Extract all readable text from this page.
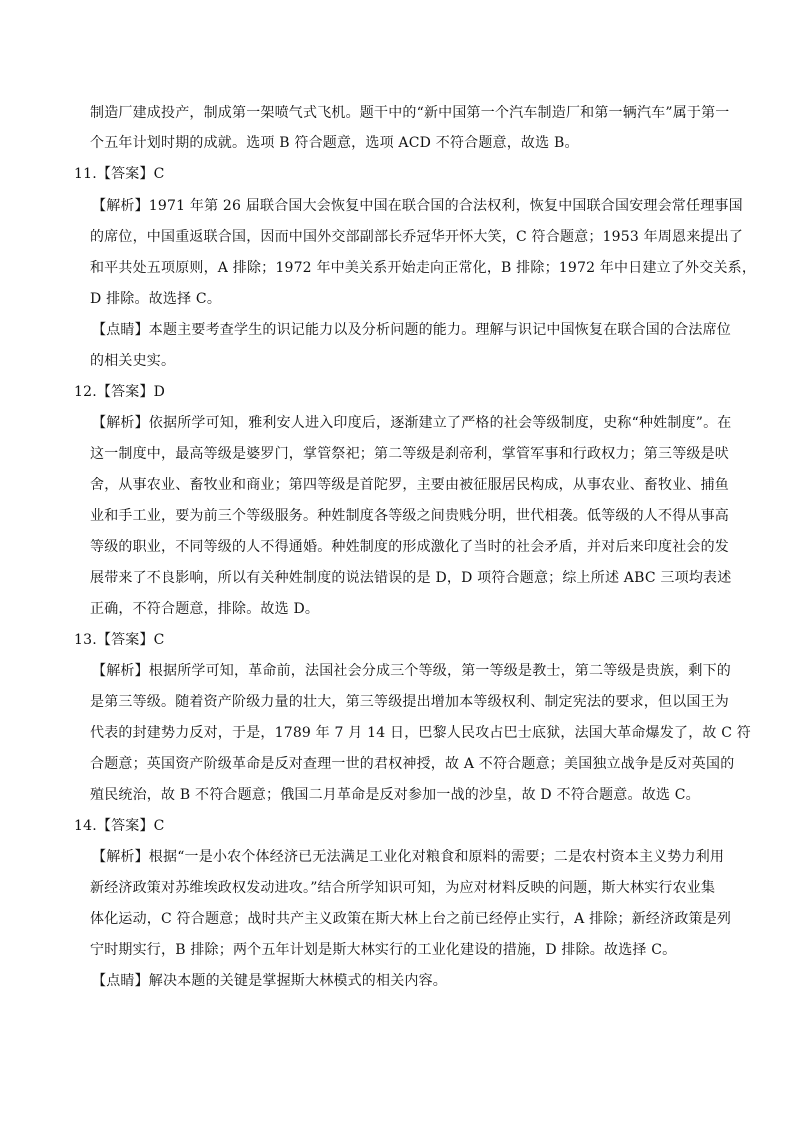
制造厂建成投产，制成第一架喷气式飞机。题干中的“新中国第一个汽车制造厂和第一辆汽车”属于第一
个五年计划时期的成就。选项 B 符合题意，选项 ACD 不符合题意，故选 B。
11.【答案】C
【解析】1971 年第 26 届联合国大会恢复中国在联合国的合法权利，恢复中国联合国安理会常任理事国
的席位，中国重返联合国，因而中国外交部副部长乔冠华开怀大笑，C 符合题意；1953 年周恩来提出了
和平共处五项原则，A 排除；1972 年中美关系开始走向正常化，B 排除；1972 年中日建立了外交关系，
D 排除。故选择 C。
【点睛】本题主要考查学生的识记能力以及分析问题的能力。理解与识记中国恢复在联合国的合法席位
的相关史实。
12.【答案】D
【解析】依据所学可知，雅利安人进入印度后，逐渐建立了严格的社会等级制度，史称“种姓制度”。在
这一制度中，最高等级是婆罗门，掌管祭祀；第二等级是刹帝利，掌管军事和行政权力；第三等级是吠
舍，从事农业、畜牧业和商业；第四等级是首陀罗，主要由被征服居民构成，从事农业、畜牧业、捕鱼
业和手工业，要为前三个等级服务。种姓制度各等级之间贵贱分明，世代相袭。低等级的人不得从事高
等级的职业，不同等级的人不得通婚。种姓制度的形成激化了当时的社会矛盾，并对后来印度社会的发
展带来了不良影响，所以有关种姓制度的说法错误的是 D，D 项符合题意；综上所述 ABC 三项均表述
正确，不符合题意，排除。故选 D。
13.【答案】C
【解析】根据所学可知，革命前，法国社会分成三个等级，第一等级是教士，第二等级是贵族，剩下的
是第三等级。随着资产阶级力量的壮大，第三等级提出增加本等级权利、制定宪法的要求，但以国王为
代表的封建势力反对，于是，1789 年 7 月 14 日，巴黎人民攻占巴士底狱，法国大革命爆发了，故 C 符
合题意；英国资产阶级革命是反对查理一世的君权神授，故 A 不符合题意；美国独立战争是反对英国的
殖民统治，故 B 不符合题意；俄国二月革命是反对参加一战的沙皇，故 D 不符合题意。故选 C。
14.【答案】C
【解析】根据“一是小农个体经济已无法满足工业化对粮食和原料的需要；二是农村资本主义势力利用
新经济政策对苏维埃政权发动进攻。”结合所学知识可知，为应对材料反映的问题，斯大林实行农业集
体化运动，C 符合题意；战时共产主义政策在斯大林上台之前已经停止实行，A 排除；新经济政策是列
宁时期实行，B 排除；两个五年计划是斯大林实行的工业化建设的措施，D 排除。故选择 C。
【点睛】解决本题的关键是掌握斯大林模式的相关内容。
